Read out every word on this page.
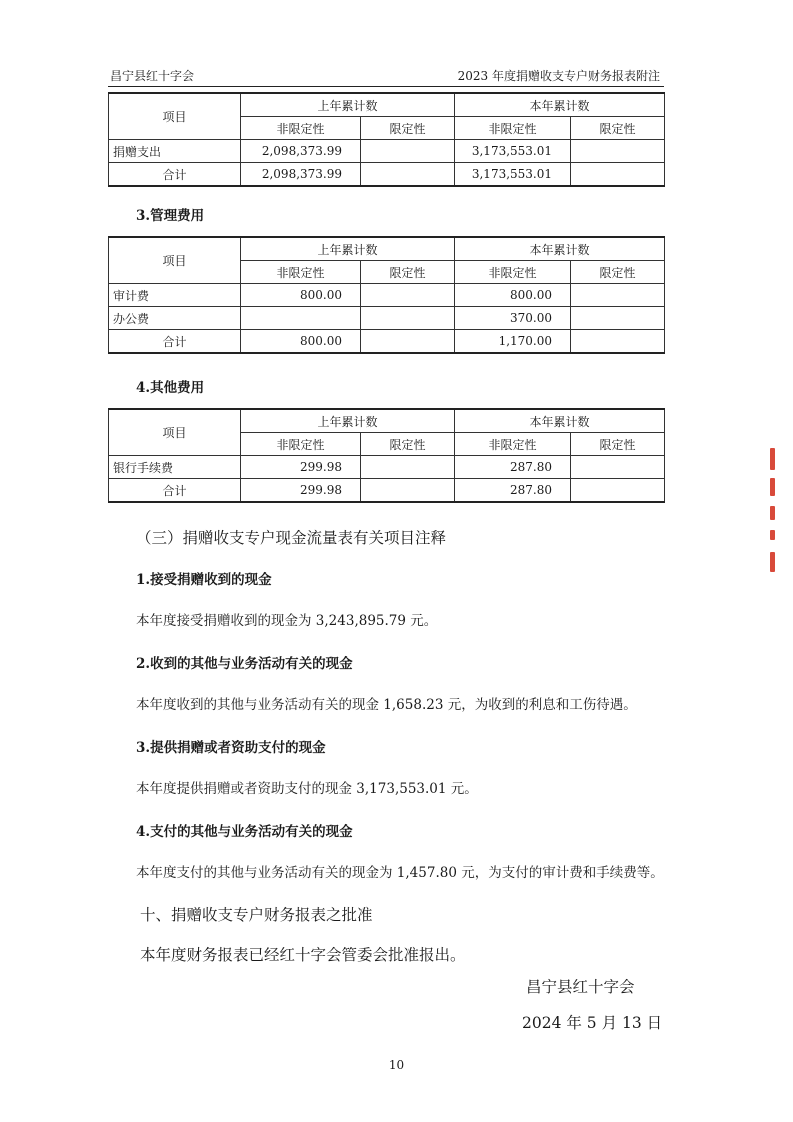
昌宁县红十字会	2023 年度捐赠收支专户财务报表附注
项目	上年累计数		本年累计数	
	非限定性	限定性	非限定性	限定性
捐赠支出	2,098,373.99		3,173,553.01	
合计	2,098,373.99		3,173,553.01	
3.管理费用
项目	上年累计数		本年累计数	
	非限定性	限定性	非限定性	限定性
审计费	800.00		800.00	
办公费			370.00	
合计	800.00		1,170.00	
4.其他费用
项目	上年累计数		本年累计数	
	非限定性	限定性	非限定性	限定性
银行手续费	299.98		287.80	
合计	299.98		287.80	
（三）捐赠收支专户现金流量表有关项目注释
1.接受捐赠收到的现金
本年度接受捐赠收到的现金为 3,243,895.79 元。
2.收到的其他与业务活动有关的现金
本年度收到的其他与业务活动有关的现金 1,658.23 元，为收到的利息和工伤待遇。
3.提供捐赠或者资助支付的现金
本年度提供捐赠或者资助支付的现金 3,173,553.01 元。
4.支付的其他与业务活动有关的现金
本年度支付的其他与业务活动有关的现金为 1,457.80 元，为支付的审计费和手续费等。
十、捐赠收支专户财务报表之批准
本年度财务报表已经红十字会管委会批准报出。
昌宁县红十字会
2024 年 5 月 13 日
10
